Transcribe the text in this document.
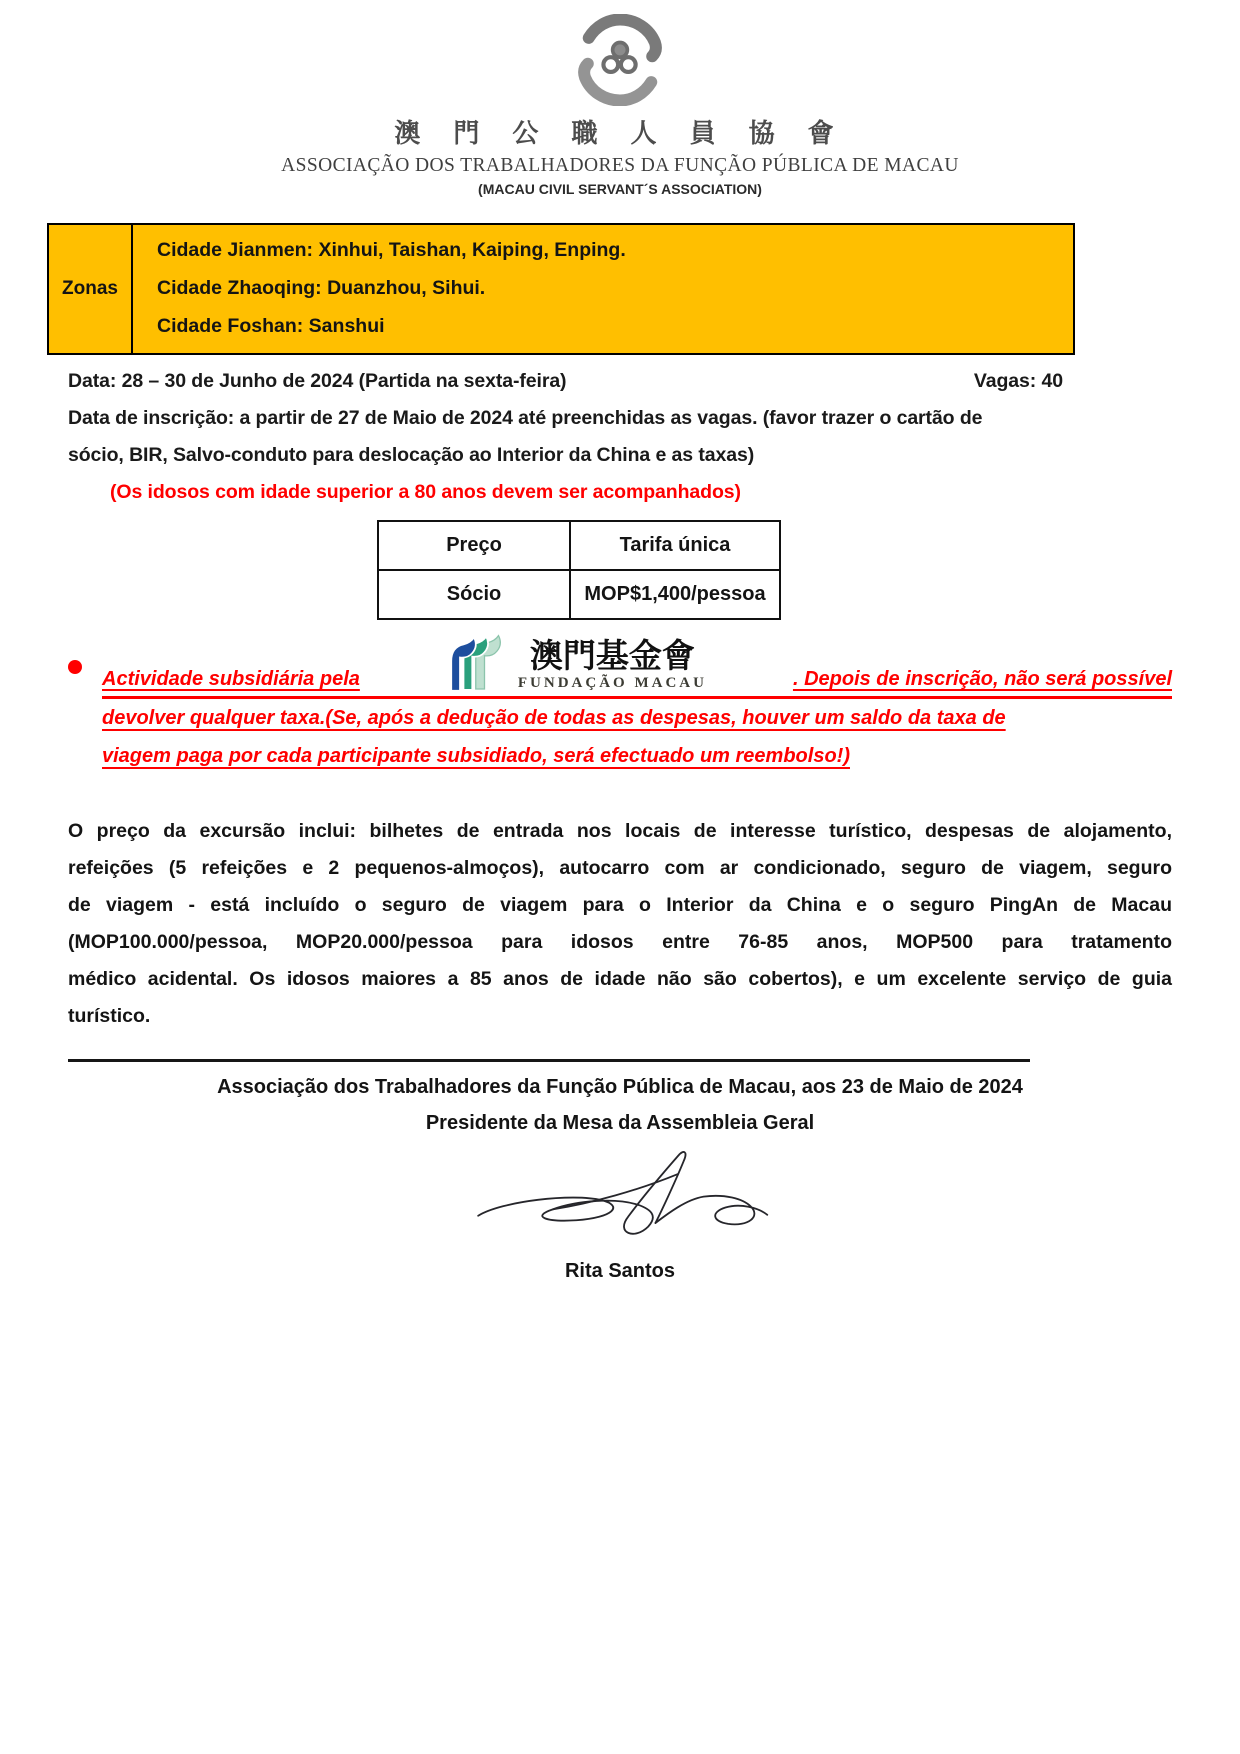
澳 門 公 職 人 員 協 會
ASSOCIAÇÃO DOS TRABALHADORES DA FUNÇÃO PÚBLICA DE MACAU
(MACAU CIVIL SERVANT´S ASSOCIATION)
Zonas
Cidade Jianmen: Xinhui, Taishan, Kaiping, Enping.
Cidade Zhaoqing: Duanzhou, Sihui.
Cidade Foshan: Sanshui
Data: 28 – 30 de Junho de 2024 (Partida na sexta-feira)	Vagas: 40
Data de inscrição: a partir de 27 de Maio de 2024 até preenchidas as vagas. (favor trazer o cartão de
sócio, BIR, Salvo-conduto para deslocação ao Interior da China e as taxas)
(Os idosos com idade superior a 80 anos devem ser acompanhados)
Preço	Tarifa única
Sócio	MOP$1,400/pessoa
Actividade subsidiária pela
澳門基金會
FUNDAÇÃO MACAU	. Depois de inscrição, não será possível
devolver qualquer taxa.(Se, após a dedução de todas as despesas, houver um saldo da taxa de
viagem paga por cada participante subsidiado, será efectuado um reembolso!)
O preço da excursão inclui: bilhetes de entrada nos locais de interesse turístico, despesas de alojamento,
refeições (5 refeições e 2 pequenos-almoços), autocarro com ar condicionado, seguro de viagem, seguro
de viagem - está incluído o seguro de viagem para o Interior da China e o seguro PingAn de Macau
(MOP100.000/pessoa, MOP20.000/pessoa para idosos entre 76-85 anos, MOP500 para tratamento
médico acidental. Os idosos maiores a 85 anos de idade não são cobertos), e um excelente serviço de guia
turístico.
Associação dos Trabalhadores da Função Pública de Macau, aos 23 de Maio de 2024
Presidente da Mesa da Assembleia Geral
Rita Santos
